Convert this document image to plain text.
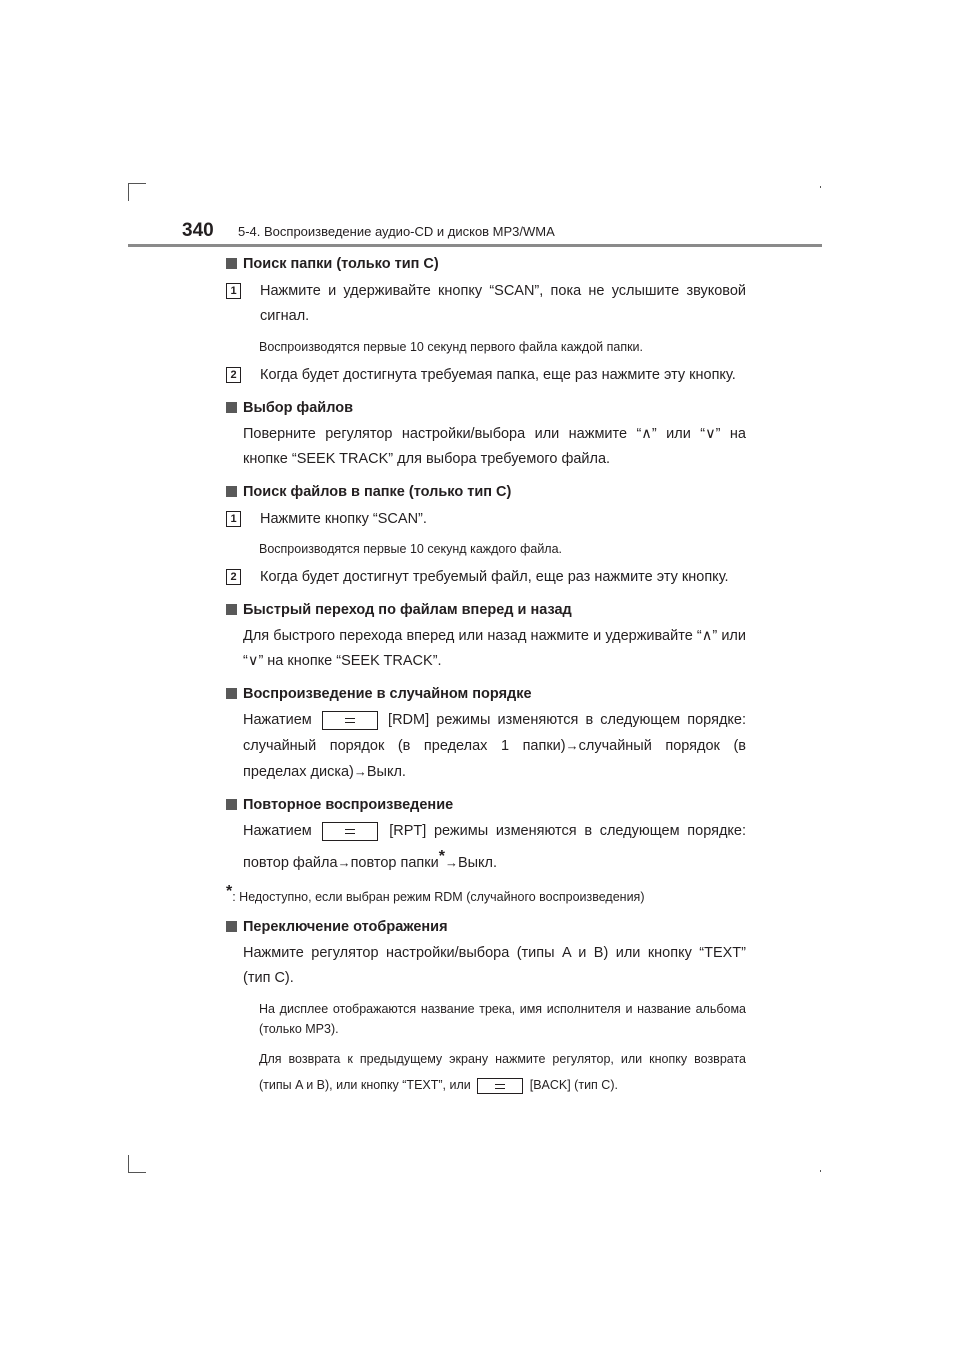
340 5-4. Воспроизведение аудио-CD и дисков MP3/WMA

Поиск папки (только тип C)

1	Нажмите и удерживайте кнопку “SCAN”, пока не услышите звуковой сигнал.

Воспроизводятся первые 10 секунд первого файла каждой папки.

2	Когда будет достигнута требуемая папка, еще раз нажмите эту кнопку.

Выбор файлов

Поверните регулятор настройки/выбора или нажмите “∧” или “∨” на кнопке “SEEK TRACK” для выбора требуемого файла.

Поиск файлов в папке (только тип C)

1	Нажмите кнопку “SCAN”.

Воспроизводятся первые 10 секунд каждого файла.

2	Когда будет достигнут требуемый файл, еще раз нажмите эту кнопку.

Быстрый переход по файлам вперед и назад

Для быстрого перехода вперед или назад нажмите и удерживайте “∧” или “∨” на кнопке “SEEK TRACK”.

Воспроизведение в случайном порядке

Нажатием	[RDM] режимы изменяются в следующем порядке: случайный порядок (в пределах 1 папки)→случайный порядок (в пределах диска)→Выкл.

Повторное воспроизведение

Нажатием	[RPT] режимы изменяются в следующем порядке: повтор файла→повтор папки*→Выкл.

*: Недоступно, если выбран режим RDM (случайного воспроизведения)

Переключение отображения

Нажмите регулятор настройки/выбора (типы A и B) или кнопку “TEXT” (тип C).

На дисплее отображаются название трека, имя исполнителя и название альбома (только MP3).

Для возврата к предыдущему экрану нажмите регулятор, или кнопку возврата (типы A и B), или кнопку “TEXT”, или	[BACK] (тип C).
